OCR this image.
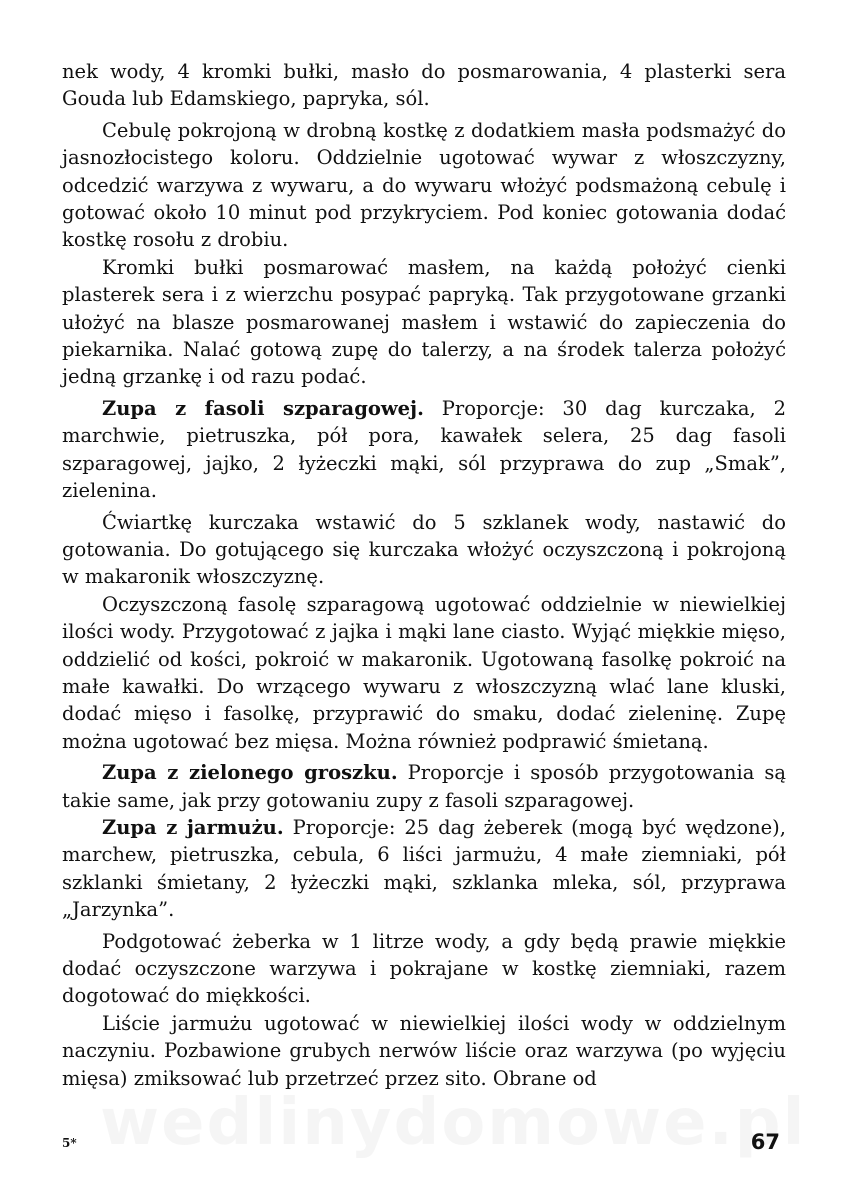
nek wody, 4 kromki bułki, masło do posmarowania, 4 plasterki sera Gouda lub Edamskiego, papryka, sól.

Cebulę pokrojoną w drobną kostkę z dodatkiem masła podsmażyć do jasnozłocistego koloru. Oddzielnie ugotować wywar z włoszczyzny, odcedzić warzywa z wywaru, a do wywaru włożyć podsmażoną cebulę i gotować około 10 minut pod przykryciem. Pod koniec gotowania dodać kostkę rosołu z drobiu.

Kromki bułki posmarować masłem, na każdą położyć cienki plasterek sera i z wierzchu posypać papryką. Tak przygotowane grzanki ułożyć na blasze posmarowanej masłem i wstawić do zapieczenia do piekarnika. Nalać gotową zupę do talerzy, a na środek talerza położyć jedną grzankę i od razu podać.

Zupa z fasoli szparagowej. Proporcje: 30 dag kurczaka, 2 marchwie, pietruszka, pół pora, kawałek selera, 25 dag fasoli szparagowej, jajko, 2 łyżeczki mąki, sól przyprawa do zup „Smak”, zielenina.

Ćwiartkę kurczaka wstawić do 5 szklanek wody, nastawić do gotowania. Do gotującego się kurczaka włożyć oczyszczoną i pokrojoną w makaronik włoszczyznę.

Oczyszczoną fasolę szparagową ugotować oddzielnie w niewielkiej ilości wody. Przygotować z jajka i mąki lane ciasto. Wyjąć miękkie mięso, oddzielić od kości, pokroić w makaronik. Ugotowaną fasolkę pokroić na małe kawałki. Do wrzącego wywaru z włoszczyzną wlać lane kluski, dodać mięso i fasolkę, przyprawić do smaku, dodać zieleninę. Zupę można ugotować bez mięsa. Można również podprawić śmietaną.

Zupa z zielonego groszku. Proporcje i sposób przygotowania są takie same, jak przy gotowaniu zupy z fasoli szparagowej.

Zupa z jarmużu. Proporcje: 25 dag żeberek (mogą być wędzone), marchew, pietruszka, cebula, 6 liści jarmużu, 4 małe ziemniaki, pół szklanki śmietany, 2 łyżeczki mąki, szklanka mleka, sól, przyprawa „Jarzynka”.

Podgotować żeberka w 1 litrze wody, a gdy będą prawie miękkie dodać oczyszczone warzywa i pokrajane w kostkę ziemniaki, razem dogotować do miękkości.

Liście jarmużu ugotować w niewielkiej ilości wody w oddzielnym naczyniu. Pozbawione grubych nerwów liście oraz warzywa (po wyjęciu mięsa) zmiksować lub przetrzeć przez sito. Obrane od

5*	67
